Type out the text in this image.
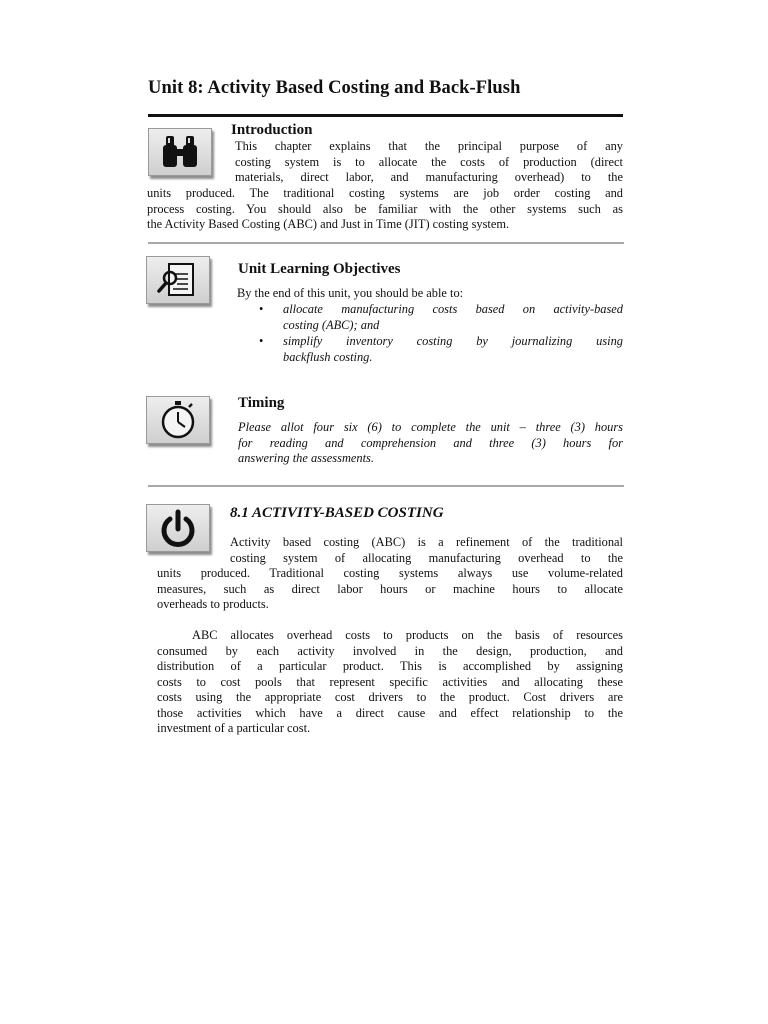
Unit 8: Activity Based Costing and Back-Flush
Introduction
This chapter explains that the principal purpose of any
costing system is to allocate the costs of production (direct
materials, direct labor, and manufacturing overhead) to the
units produced. The traditional costing systems are job order costing and
process costing. You should also be familiar with the other systems such as
the Activity Based Costing (ABC) and Just in Time (JIT) costing system.
Unit Learning Objectives
By the end of this unit, you should be able to:
• allocate manufacturing costs based on activity-based
costing (ABC); and
• simplify inventory costing by journalizing using
backflush costing.
Timing
Please allot four six (6) to complete the unit – three (3) hours
for reading and comprehension and three (3) hours for
answering the assessments.
8.1 ACTIVITY-BASED COSTING
Activity based costing (ABC) is a refinement of the traditional
costing system of allocating manufacturing overhead to the
units produced. Traditional costing systems always use volume-related
measures, such as direct labor hours or machine hours to allocate
overheads to products.
ABC allocates overhead costs to products on the basis of resources
consumed by each activity involved in the design, production, and
distribution of a particular product. This is accomplished by assigning
costs to cost pools that represent specific activities and allocating these
costs using the appropriate cost drivers to the product. Cost drivers are
those activities which have a direct cause and effect relationship to the
investment of a particular cost.
